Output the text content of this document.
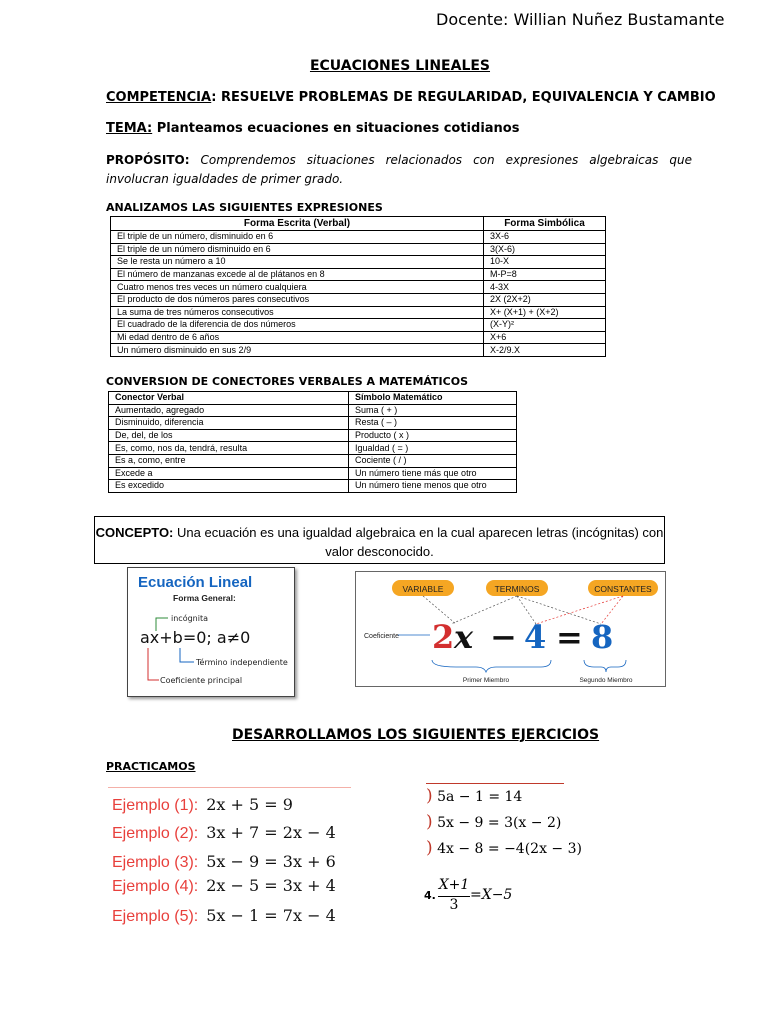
Docente: Willian Nuñez Bustamante
ECUACIONES LINEALES
COMPETENCIA: RESUELVE PROBLEMAS DE REGULARIDAD, EQUIVALENCIA Y CAMBIO
TEMA: Planteamos ecuaciones en situaciones cotidianos
PROPÓSITO: Comprendemos situaciones relacionados con expresiones algebraicas que involucran igualdades de primer grado.
ANALIZAMOS LAS SIGUIENTES EXPRESIONES
Forma Escrita (Verbal)	Forma Simbólica
El triple de un número, disminuido en 6	3X-6
El triple de un número disminuido en 6	3(X-6)
Se le resta un número a 10	10-X
El número de manzanas excede al de plátanos en 8	M-P=8
Cuatro menos tres veces un número cualquiera	4-3X
El producto de dos números pares consecutivos	2X (2X+2)
La suma de tres números consecutivos	X+ (X+1) + (X+2)
El cuadrado de la diferencia de dos números	(X-Y)²
Mi edad dentro de 6 años	X+6
Un número disminuido en sus 2/9	X-2/9.X
CONVERSION DE CONECTORES VERBALES A MATEMÁTICOS
Conector Verbal	Símbolo Matemático
Aumentado, agregado	Suma ( + )
Disminuido, diferencia	Resta ( – )
De, del, de los	Producto ( x )
Es, como, nos da, tendrá, resulta	Igualdad ( = )
Es a, como, entre	Cociente ( / )
Excede a	Un número tiene más que otro
Es excedido	Un número tiene menos que otro
CONCEPTO: Una ecuación es una igualdad algebraica en la cual aparecen letras (incógnitas) con valor desconocido.
Ecuación Lineal
Forma General:
incógnita
ax+b=0; a≠0
Término independiente
Coeficiente principal
VARIABLE	TERMINOS	CONSTANTES
Coeficiente 2 x − 4 = 8
Primer Miembro	Segundo Miembro
DESARROLLAMOS LOS SIGUIENTES EJERCICIOS
PRACTICAMOS
Ejemplo (1): 2x + 5 = 9
Ejemplo (2): 3x + 7 = 2x − 4
Ejemplo (3): 5x − 9 = 3x + 6
Ejemplo (4): 2x − 5 = 3x + 4
Ejemplo (5): 5x − 1 = 7x − 4
) 5a − 1 = 14
) 5x − 9 = 3(x − 2)
) 4x − 8 = −4(2x − 3)
4.
X+1
3
=X−5
